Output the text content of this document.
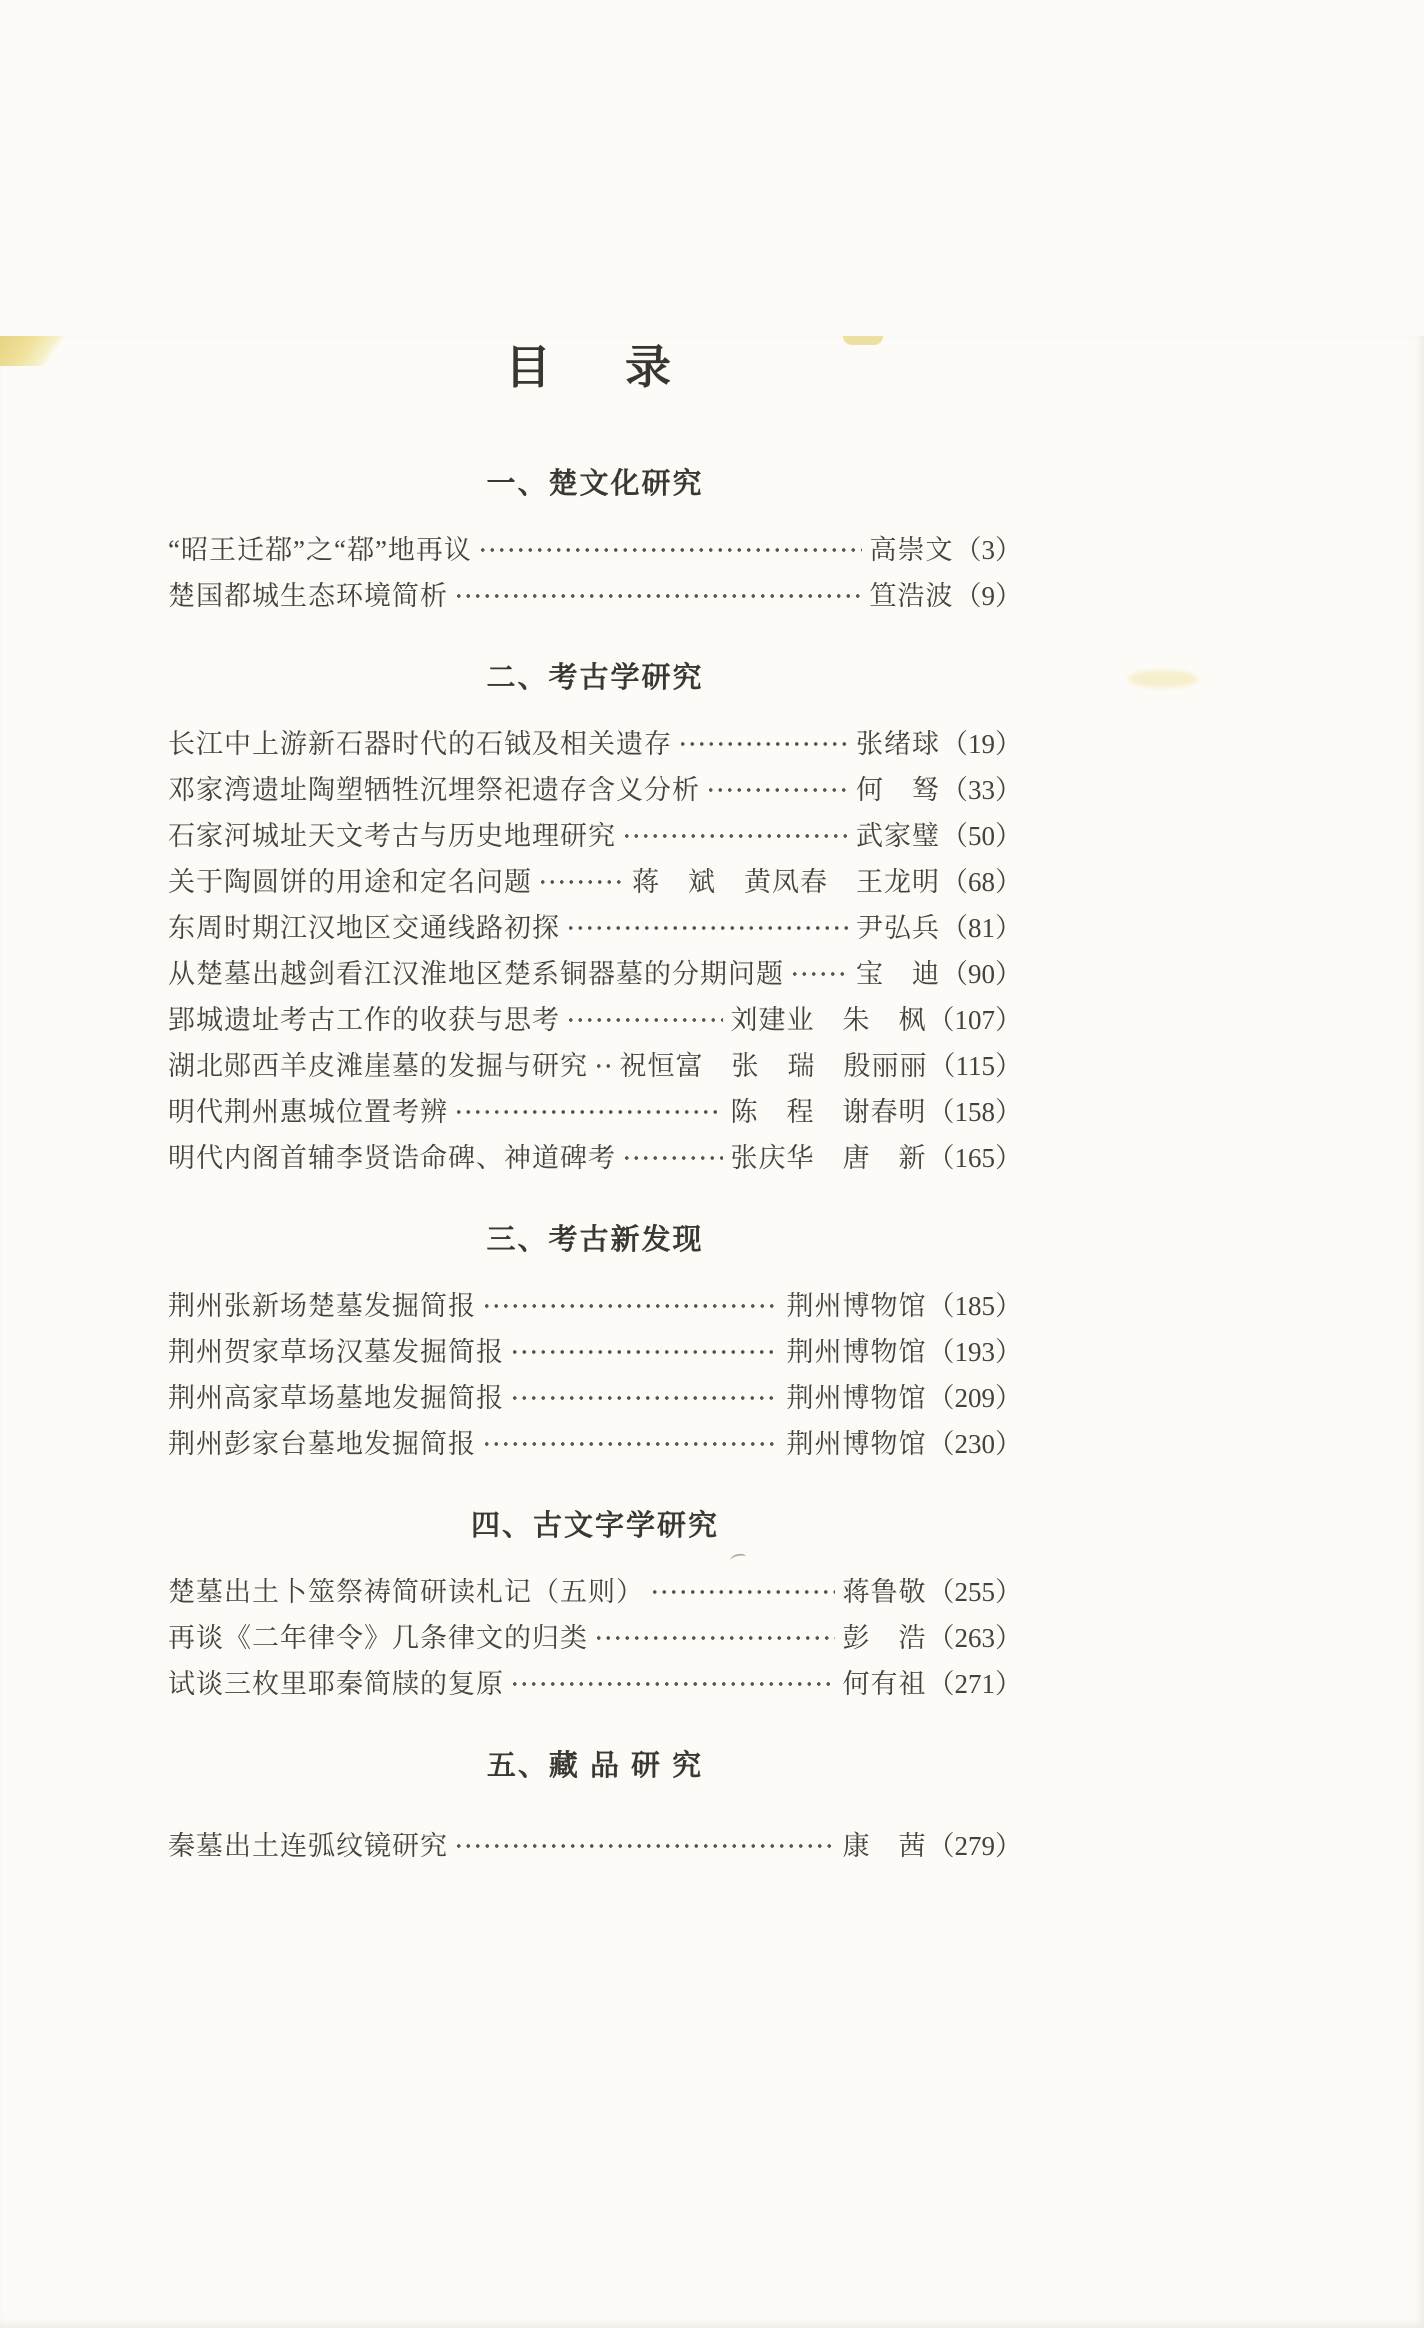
目　录
一、楚文化研究
“昭王迁鄀”之“鄀”地再议	高崇文 （3）
楚国都城生态环境简析	笪浩波 （9）
二、考古学研究
长江中上游新石器时代的石钺及相关遗存	张绪球 （19）
邓家湾遗址陶塑牺牲沉埋祭祀遗存含义分析	何　驽 （33）
石家河城址天文考古与历史地理研究	武家璧 （50）
关于陶圆饼的用途和定名问题	蒋　斌　黄凤春　王龙明 （68）
东周时期江汉地区交通线路初探	尹弘兵 （81）
从楚墓出越剑看江汉淮地区楚系铜器墓的分期问题	宝　迪 （90）
郢城遗址考古工作的收获与思考	刘建业　朱　枫 （107）
湖北郧西羊皮滩崖墓的发掘与研究 祝恒富　张　瑞　殷丽丽 （115）
明代荆州惠城位置考辨	陈　程　谢春明 （158）
明代内阁首辅李贤诰命碑、神道碑考	张庆华　唐　新 （165）
三、考古新发现
荆州张新场楚墓发掘简报	荆州博物馆 （185）
荆州贺家草场汉墓发掘简报	荆州博物馆 （193）
荆州高家草场墓地发掘简报	荆州博物馆 （209）
荆州彭家台墓地发掘简报	荆州博物馆 （230）
四、古文字学研究
楚墓出土卜筮祭祷简研读札记（五则）	蒋鲁敬 （255）
再谈《二年律令》几条律文的归类	彭　浩 （263）
试谈三枚里耶秦简牍的复原	何有祖 （271）
五、藏 品 研 究
秦墓出土连弧纹镜研究	康　茜 （279）
